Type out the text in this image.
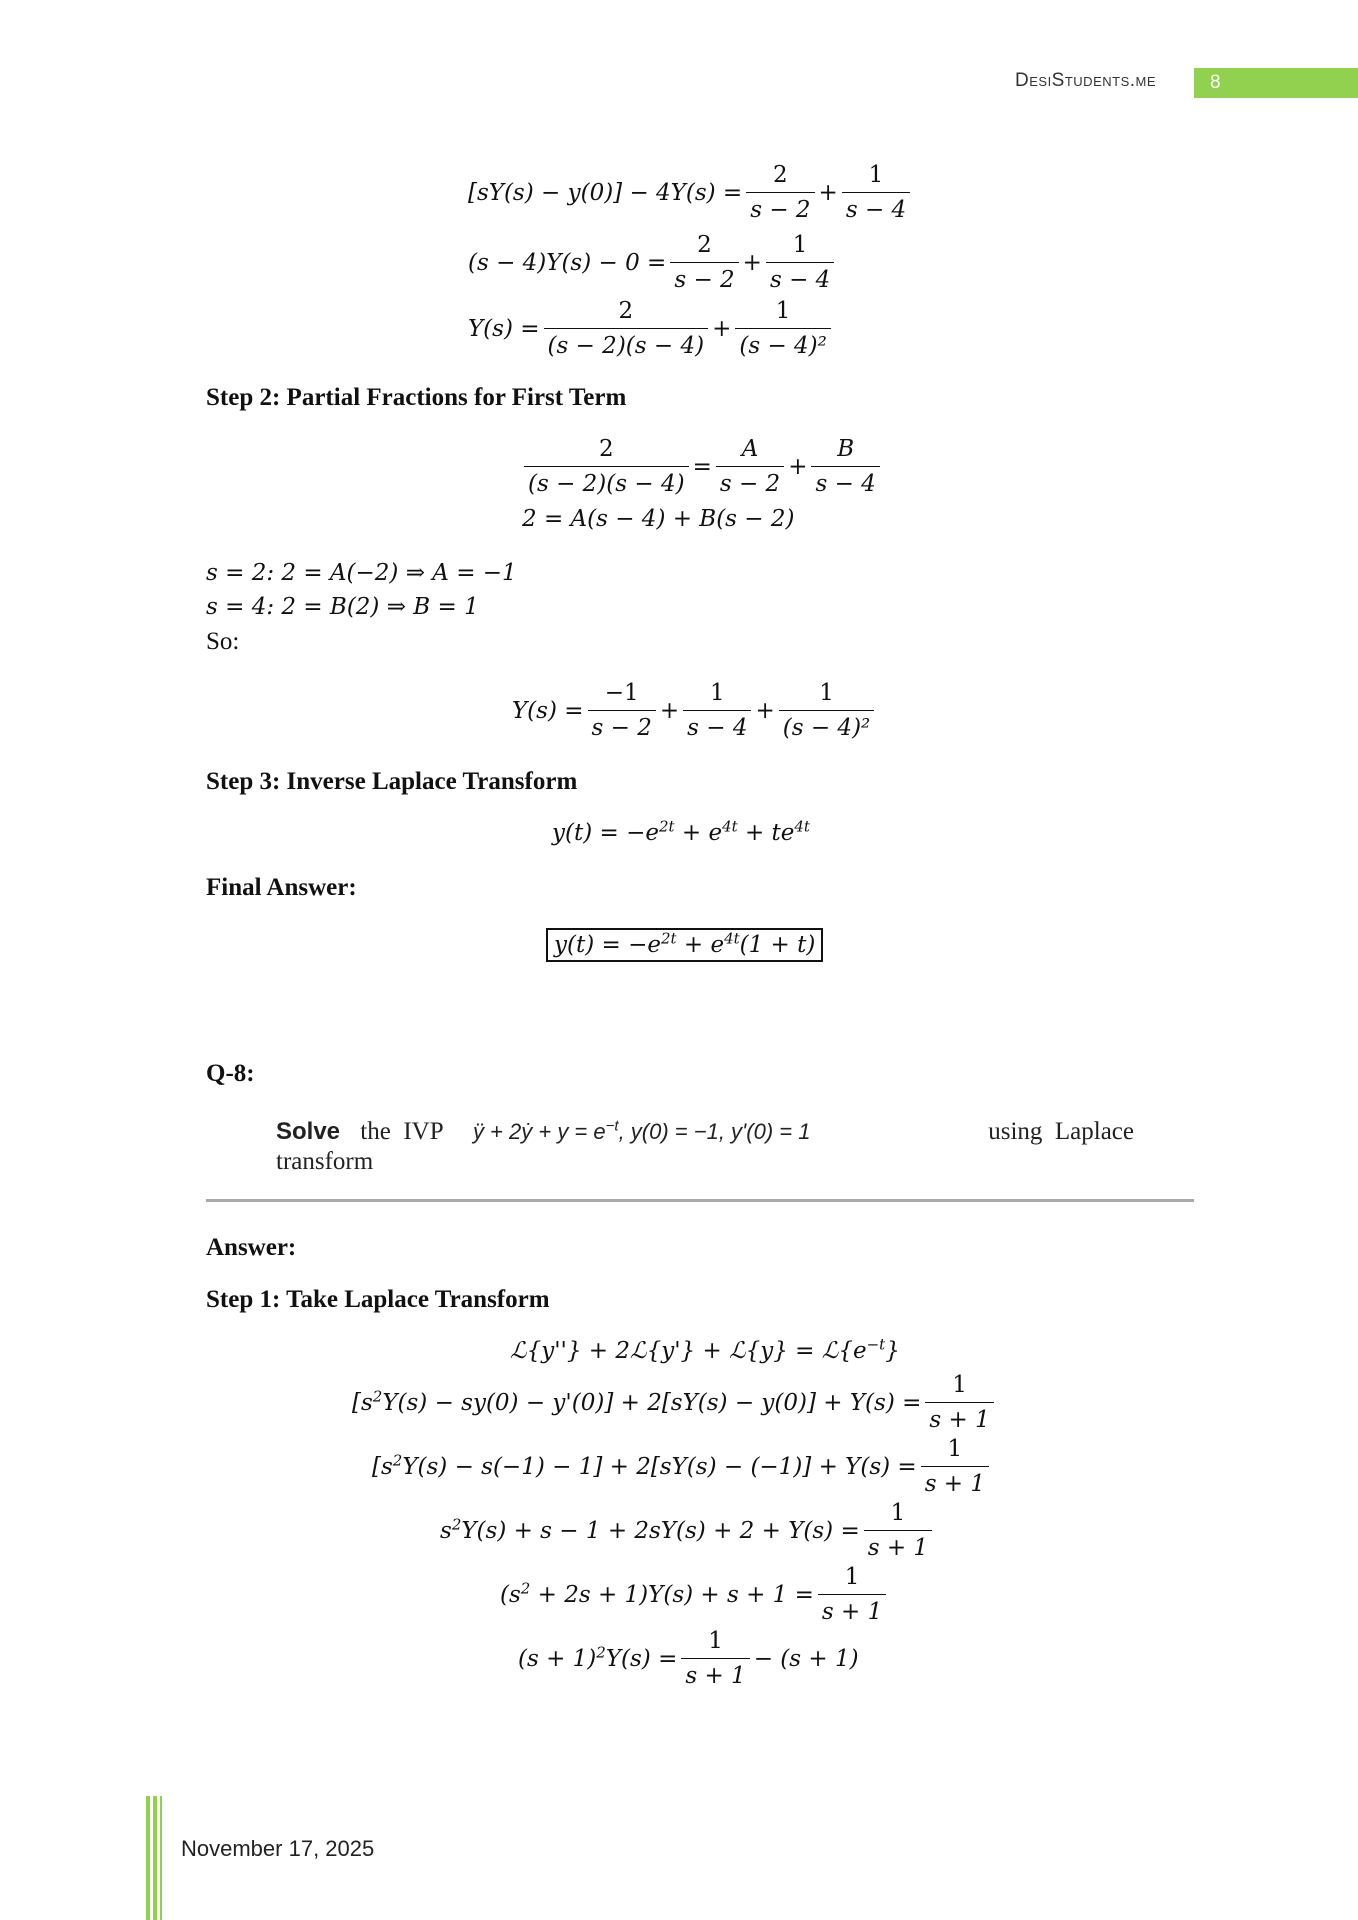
DesiStudents.me	8
$[sY(s) - y(0)] - 4Y(s) = \frac{2}{s - 2} + \frac{1}{s - 4}$
$(s - 4)Y(s) - 0 = \frac{2}{s - 2} + \frac{1}{s - 4}$
$Y(s) = \frac{2}{(s - 2)(s - 4)} + \frac{1}{\text{(s − 4)²}}$
Step 2: Partial Fractions for First Term
$\frac{2}{(s - 2)(s - 4)} = \frac{A}{s - 2} + \frac{B}{s - 4}$
2 = A(s − 4) + B(s − 2)
s = 2: 2 = A(−2) ⇒ A = −1
s = 4: 2 = B(2) ⇒ B = 1
So:
$Y(s) = \frac{-1}{s - 2} + \frac{1}{s - 4} + \frac{1}{\text{(s − 4)²}}$
Step 3: Inverse Laplace Transform
$y(t) = -e^{2t} + e^{4t} + te^{4t}$
Final Answer:
$y(t) = -e^{2t} + e^{4t}(1 + t)$
Q-8:
Solve the  IVP ÿ + 2ẏ + $y = e^{-t}$, y(0) = −1, y'(0) = 1	using  Laplace
transform
Answer:
Step 1: Take Laplace Transform
ℒ{y''} + 2ℒ{y'} + ℒ{y} = $ℒ\{e^{-t}\}$
$[s^2Y(s) - sy(0) - y'(0)] + 2[sY(s) - y(0)] + Y(s) = \frac{1}{s + 1}$
$[s^2Y(s) - s(-1) - 1] + 2[sY(s) - (-1)] + Y(s) = \frac{1}{s + 1}$
$s^2Y(s) + s - 1 + 2sY(s) + 2 + Y(s) = \frac{1}{s + 1}$
$(s^2 + 2s + 1)Y(s) + s + 1 = \frac{1}{s + 1}$
$(s + 1)^2Y(s) = \frac{1}{s + 1} - (s + 1)$
November 17, 2025
